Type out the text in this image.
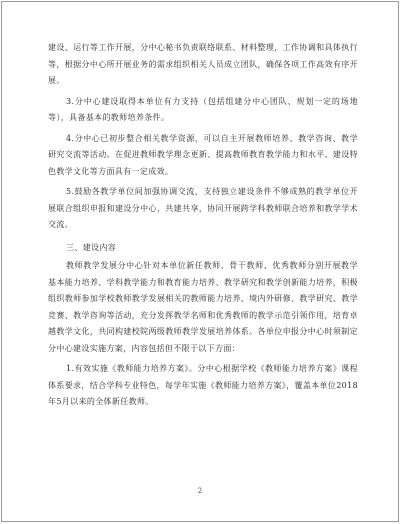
建设、运行等工作开展，分中心秘书负责联络联系、材料整理，工作协调和具体执行等，根据分中心所开展业务的需求组织相关人员成立团队，确保各项工作高效有序开展。

3.分中心建设取得本单位有力支持（包括组建分中心团队、规划一定的场地等），具备基本的教师培养条件。

4.分中心已初步整合相关教学资源，可以自主开展教师培养、教学咨询、教学研究交流等活动。在促进教师教学理念更新、提高教师教育教学能力和水平、建设特色教学文化等方面具有一定成效。

5.鼓励各教学单位间加强协调交流，支持独立建设条件不够成熟的教学单位开展联合组织申报和建设分中心，共建共享，协同开展跨学科教师联合培养和教学学术交流。

三、建设内容

教师教学发展分中心针对本单位新任教师、骨干教师、优秀教师分别开展教学基本能力培养、学科教学能力和教育能力培养、教学研究和教学创新能力培养，积极组织教师参加学校教师教学发展相关的教师能力培养、境内外研修、教学研究、教学竞赛、教学咨询等活动，充分发挥教学名师和优秀教师的教学示范引领作用，培育卓越教学文化，共同构建校院两级教师教学发展培养体系。各单位申报分中心时须制定分中心建设实施方案，内容包括但不限于以下方面：

1.有效实施《教师能力培养方案》。分中心根据学校《教师能力培养方案》课程体系要求，结合学科专业特色，每学年实施《教师能力培养方案》，覆盖本单位2018年5月以来的全体新任教师。

2
